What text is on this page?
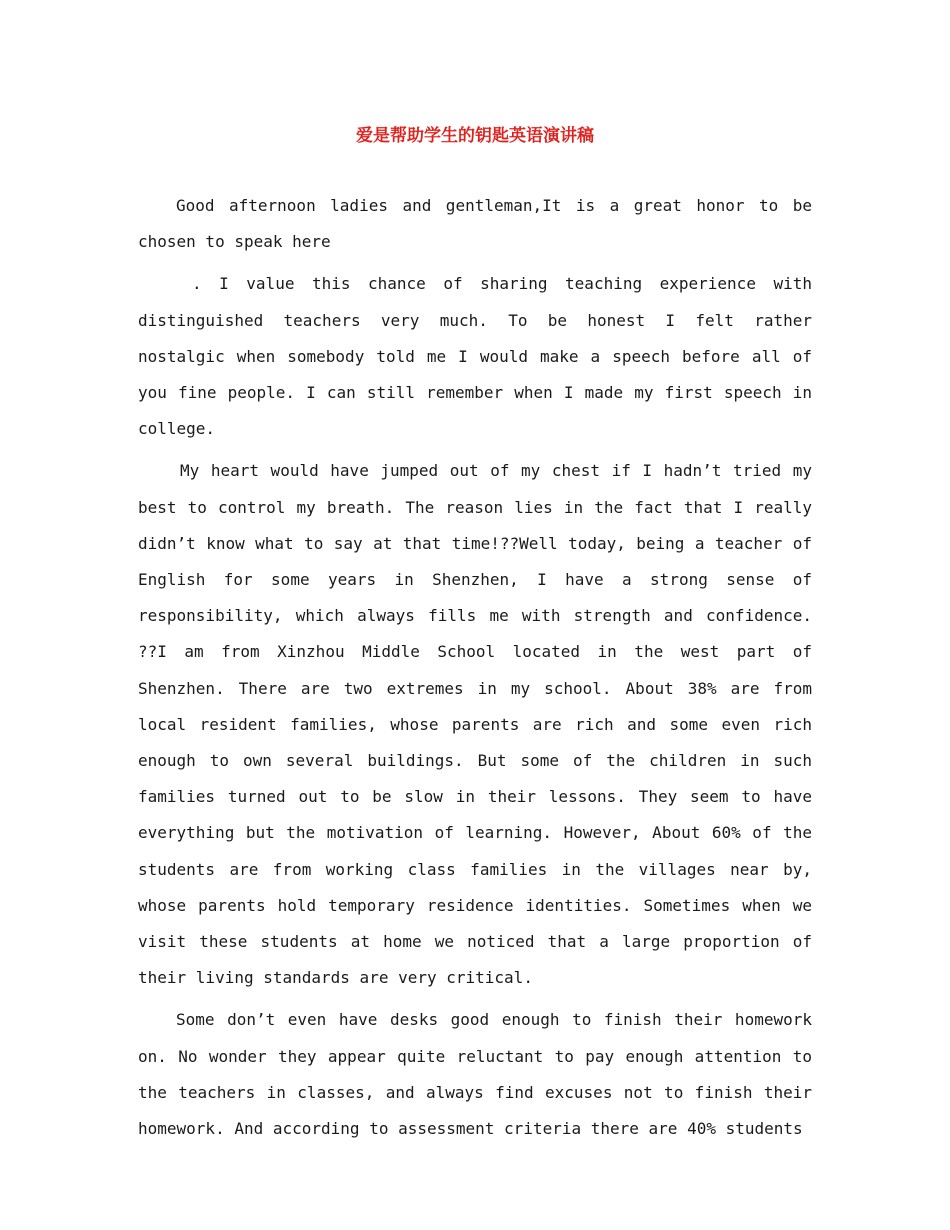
爱是帮助学生的钥匙英语演讲稿

Good afternoon ladies and gentleman,It is a great honor to be chosen to speak here

. I value this chance of sharing teaching experience with distinguished teachers very much. To be honest I felt rather nostalgic when somebody told me I would make a speech before all of you fine people. I can still remember when I made my first speech in college.

My heart would have jumped out of my chest if I hadn’t tried my best to control my breath. The reason lies in the fact that I really didn’t know what to say at that time!??Well today, being a teacher of English for some years in Shenzhen, I have a strong sense of responsibility, which always fills me with strength and confidence. ??I am from Xinzhou Middle School located in the west part of Shenzhen. There are two extremes in my school. About 38% are from local resident families, whose parents are rich and some even rich enough to own several buildings. But some of the children in such families turned out to be slow in their lessons. They seem to have everything but the motivation of learning. However, About 60% of the students are from working class families in the villages near by, whose parents hold temporary residence identities. Sometimes when we visit these students at home we noticed that a large proportion of their living standards are very critical.

Some don’t even have desks good enough to finish their homework on. No wonder they appear quite reluctant to pay enough attention to the teachers in classes, and always find excuses not to finish their homework. And according to assessment criteria there are 40% students
